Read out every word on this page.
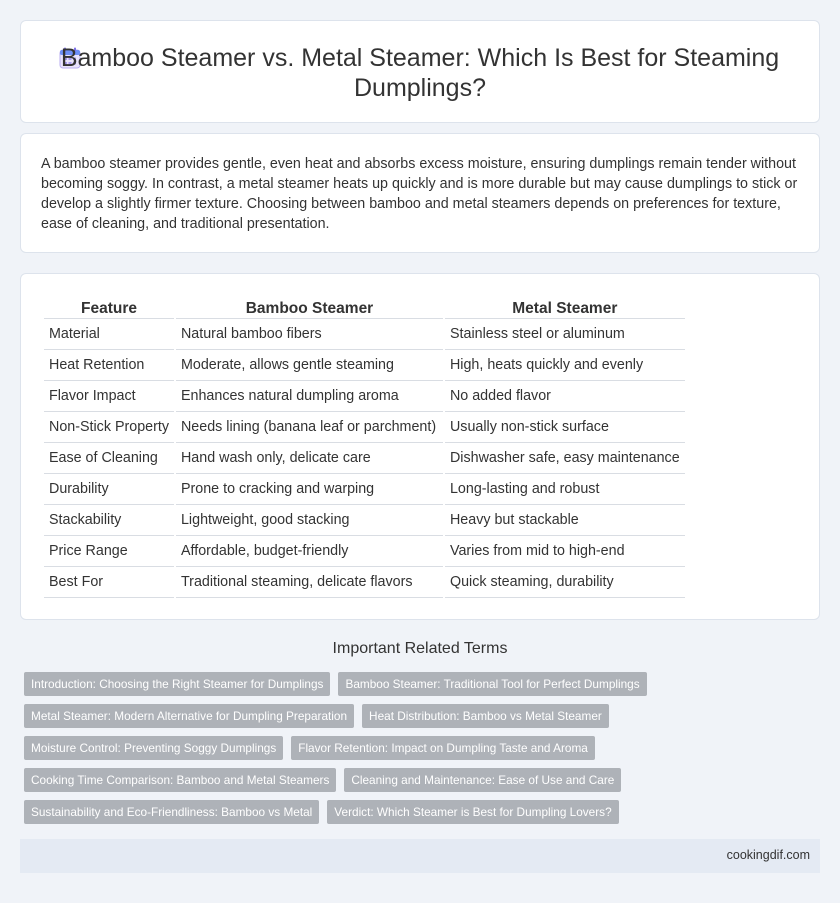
Bamboo Steamer vs. Metal Steamer: Which Is Best for Steaming Dumplings?

A bamboo steamer provides gentle, even heat and absorbs excess moisture, ensuring dumplings remain tender without becoming soggy. In contrast, a metal steamer heats up quickly and is more durable but may cause dumplings to stick or develop a slightly firmer texture. Choosing between bamboo and metal steamers depends on preferences for texture, ease of cleaning, and traditional presentation.

Feature	Bamboo Steamer	Metal Steamer
Material	Natural bamboo fibers	Stainless steel or aluminum
Heat Retention	Moderate, allows gentle steaming	High, heats quickly and evenly
Flavor Impact	Enhances natural dumpling aroma	No added flavor
Non-Stick Property	Needs lining (banana leaf or parchment)	Usually non-stick surface
Ease of Cleaning	Hand wash only, delicate care	Dishwasher safe, easy maintenance
Durability	Prone to cracking and warping	Long-lasting and robust
Stackability	Lightweight, good stacking	Heavy but stackable
Price Range	Affordable, budget-friendly	Varies from mid to high-end
Best For	Traditional steaming, delicate flavors	Quick steaming, durability
Important Related Terms
Introduction: Choosing the Right Steamer for Dumplings	Bamboo Steamer: Traditional Tool for Perfect Dumplings
Metal Steamer: Modern Alternative for Dumpling Preparation	Heat Distribution: Bamboo vs Metal Steamer
Moisture Control: Preventing Soggy Dumplings	Flavor Retention: Impact on Dumpling Taste and Aroma
Cooking Time Comparison: Bamboo and Metal Steamers	Cleaning and Maintenance: Ease of Use and Care
Sustainability and Eco-Friendliness: Bamboo vs Metal	Verdict: Which Steamer is Best for Dumpling Lovers?
cookingdif.com
